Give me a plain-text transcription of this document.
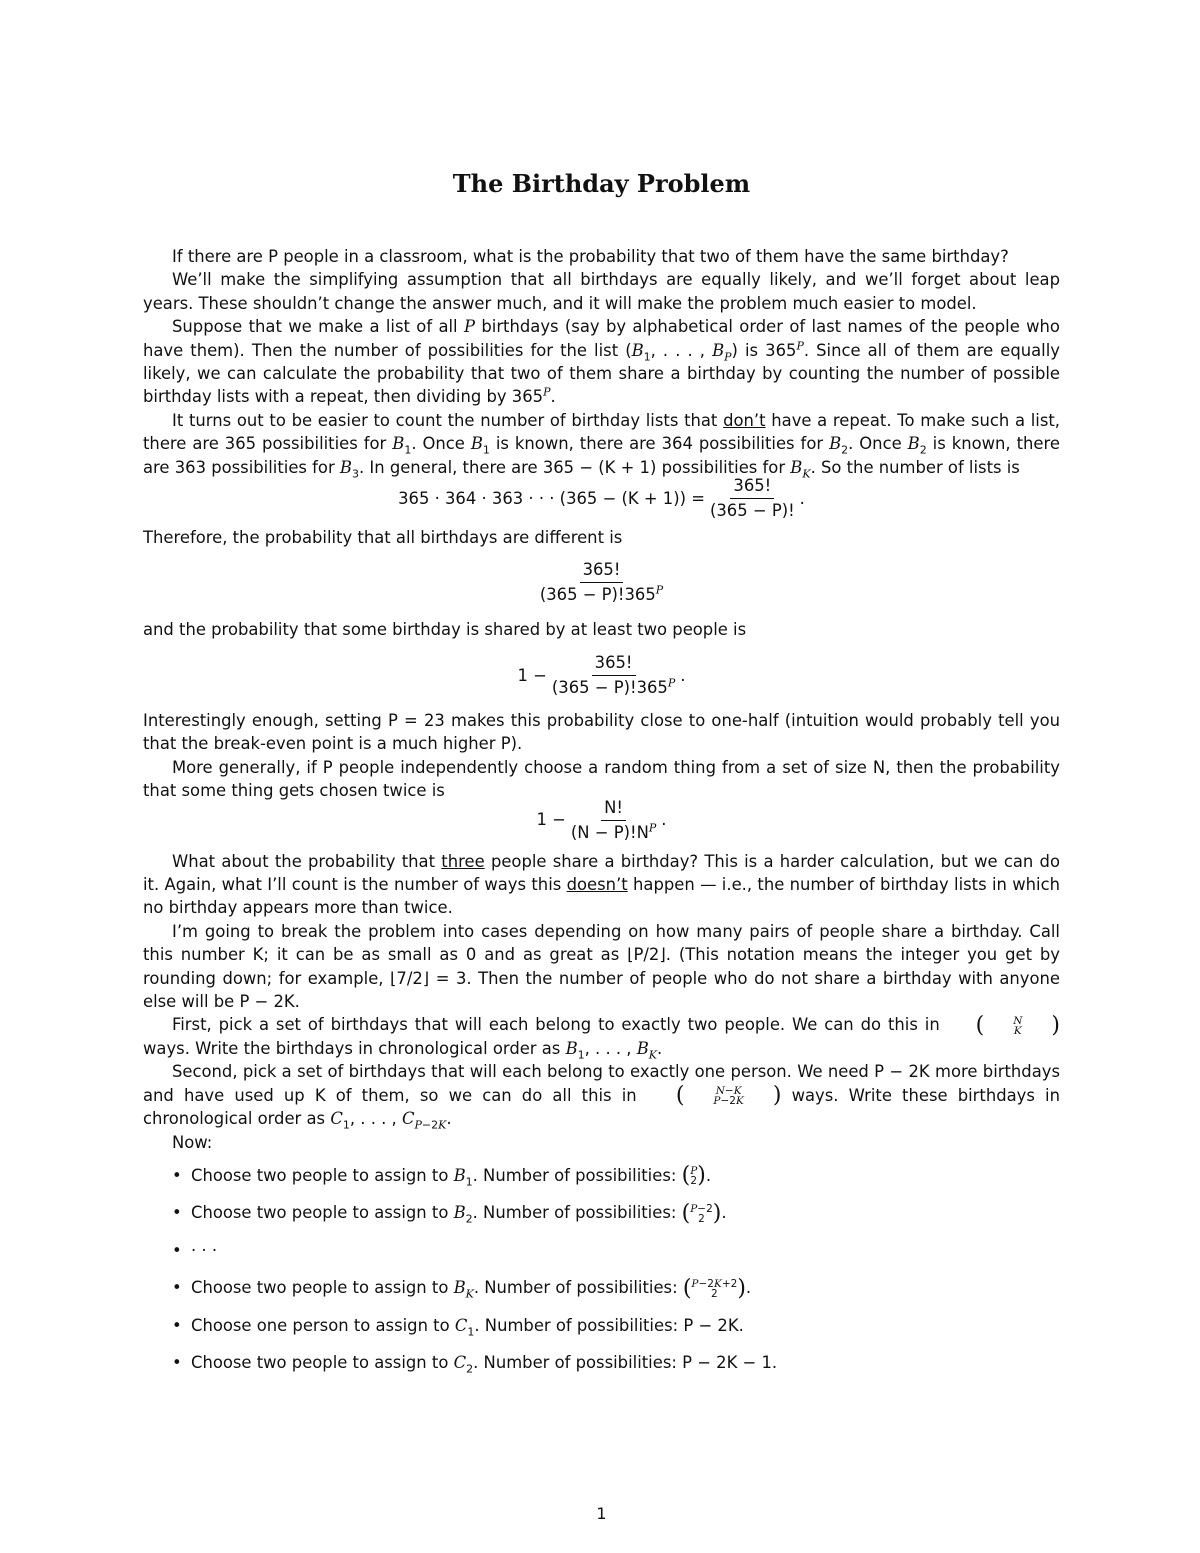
The Birthday Problem

If there are P people in a classroom, what is the probability that two of them have the same birthday?

We’ll make the simplifying assumption that all birthdays are equally likely, and we’ll forget about leap years. These shouldn’t change the answer much, and it will make the problem much easier to model.

Suppose that we make a list of all P birthdays (say by alphabetical order of last names of the people who have them). Then the number of possibilities for the list ($B_1$, . . . , $B_P$) is $365^P$. Since all of them are equally likely, we can calculate the probability that two of them share a birthday by counting the number of possible birthday lists with a repeat, then dividing by $365^P$.

It turns out to be easier to count the number of birthday lists that don’t have a repeat. To make such a list, there are 365 possibilities for $B_1$. Once $B_1$ is known, there are 364 possibilities for $B_2$. Once $B_2$ is known, there are 363 possibilities for $B_3$. In general, there are 365 − (K + 1) possibilities for $B_K$. So the number of lists is

365 · 364 · 363 · · · $(365 - (K + 1)) = \frac{365!}{(365 - P)!}$ .

Therefore, the probability that all birthdays are different is

$\frac{365!}{(365 - P)!365^P}$

and the probability that some birthday is shared by at least two people is

$1 - \frac{365!}{(365 - P)!365^P}$ .

Interestingly enough, setting P = 23 makes this probability close to one-half (intuition would probably tell you that the break-even point is a much higher P).

More generally, if P people independently choose a random thing from a set of size N, then the probability that some thing gets chosen twice is

$1 - \frac{N!}{(N - P)!N^P}$ .

What about the probability that three people share a birthday? This is a harder calculation, but we can do it. Again, what I’ll count is the number of ways this doesn’t happen — i.e., the number of birthday lists in which no birthday appears more than twice.

I’m going to break the problem into cases depending on how many pairs of people share a birthday. Call this number K; it can be as small as 0 and as great as ⌊P/2⌋. (This notation means the integer you get by rounding down; for example, ⌊7/2⌋ = 3. Then the number of people who do not share a birthday with anyone else will be P − 2K.

First, pick a set of birthdays that will each belong to exactly two people. We can do this in	(	N
K	)
ways. Write the birthdays in chronological order as $B_1$, . . . , $B_K$.

Second, pick a set of birthdays that will each belong to exactly one person. We need P − 2K more birthdays and have used up K of them, so we can do all this in	(	N−K
P−2K	) ways. Write these birthdays in chronological order as $C_1$, . . . , $C_{P-2K}$.

Now:

• Choose two people to assign to $B_1$. Number of possibilities: ( P
2 ) .
• Choose two people to assign to $B_2$. Number of possibilities: ( P−2
2 ) .
• · · ·
• Choose two people to assign to $B_K$. Number of possibilities: ( P−2K+2
2 ) .
• Choose one person to assign to $C_1$. Number of possibilities: P − 2K.
• Choose two people to assign to $C_2$. Number of possibilities: P − 2K − 1.
1
